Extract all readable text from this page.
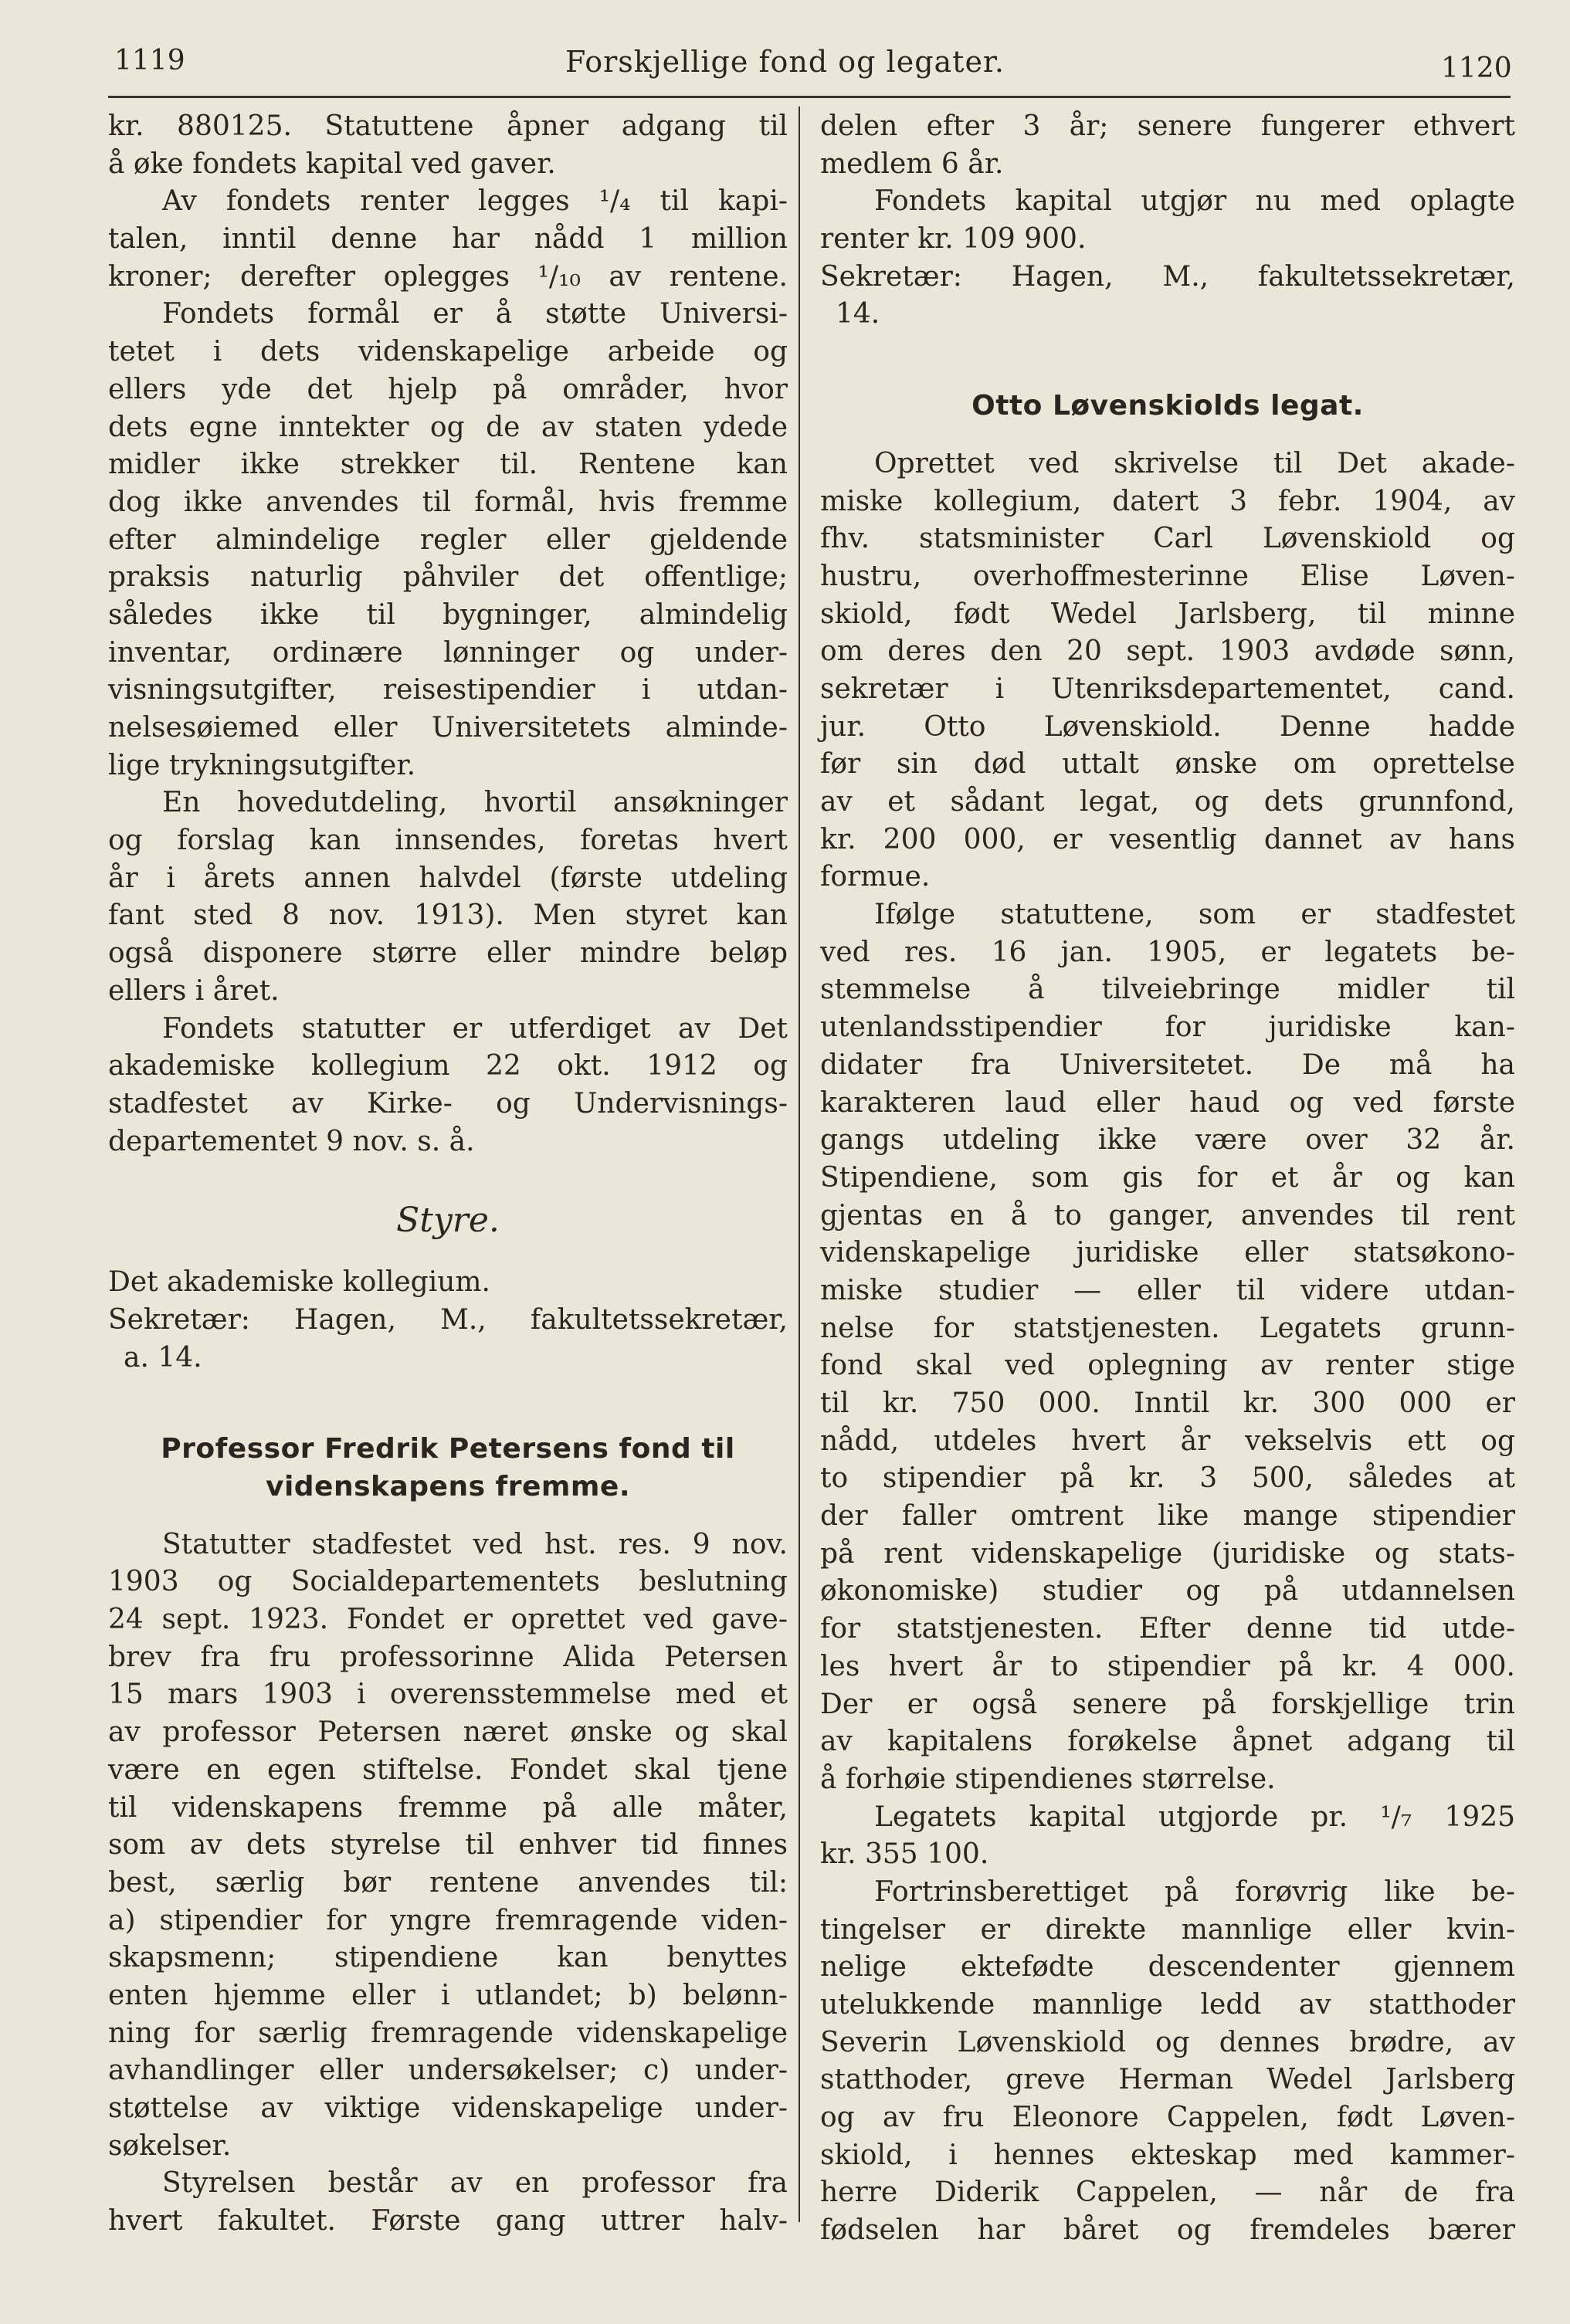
1119	Forskjellige fond og legater.	1120
kr. 880125. Statuttene åpner adgang til
å øke fondets kapital ved gaver.
Av fondets renter legges ¹/₄ til kapi-
talen, inntil denne har nådd 1 million
kroner; derefter oplegges ¹/₁₀ av rentene.
Fondets formål er å støtte Universi-
tetet i dets videnskapelige arbeide og
ellers yde det hjelp på områder, hvor
dets egne inntekter og de av staten ydede
midler ikke strekker til. Rentene kan
dog ikke anvendes til formål, hvis fremme
efter almindelige regler eller gjeldende
praksis naturlig påhviler det offentlige;
således ikke til bygninger, almindelig
inventar, ordinære lønninger og under-
visningsutgifter, reisestipendier i utdan-
nelsesøiemed eller Universitetets alminde-
lige trykningsutgifter.
En hovedutdeling, hvortil ansøkninger
og forslag kan innsendes, foretas hvert
år i årets annen halvdel (første utdeling
fant sted 8 nov. 1913). Men styret kan
også disponere større eller mindre beløp
ellers i året.
Fondets statutter er utferdiget av Det
akademiske kollegium 22 okt. 1912 og
stadfestet av Kirke- og Undervisnings-
departementet 9 nov. s. å.
Styre.
Det akademiske kollegium.
Sekretær: Hagen, M., fakultetssekretær,
a. 14.
Professor Fredrik Petersens fond til
videnskapens fremme.
Statutter stadfestet ved hst. res. 9 nov.
1903 og Socialdepartementets beslutning
24 sept. 1923. Fondet er oprettet ved gave-
brev fra fru professorinne Alida Petersen
15 mars 1903 i overensstemmelse med et
av professor Petersen næret ønske og skal
være en egen stiftelse. Fondet skal tjene
til videnskapens fremme på alle måter,
som av dets styrelse til enhver tid finnes
best, særlig bør rentene anvendes til:
a) stipendier for yngre fremragende viden-
skapsmenn; stipendiene kan benyttes
enten hjemme eller i utlandet; b) belønn-
ning for særlig fremragende videnskapelige
avhandlinger eller undersøkelser; c) under-
støttelse av viktige videnskapelige under-
søkelser.
Styrelsen består av en professor fra
hvert fakultet. Første gang uttrer halv-
delen efter 3 år; senere fungerer ethvert
medlem 6 år.
Fondets kapital utgjør nu med oplagte
renter kr. 109 900.
Sekretær: Hagen, M., fakultetssekretær,
14.
Otto Løvenskiolds legat.
Oprettet ved skrivelse til Det akade-
miske kollegium, datert 3 febr. 1904, av
fhv. statsminister Carl Løvenskiold og
hustru, overhoffmesterinne Elise Løven-
skiold, født Wedel Jarlsberg, til minne
om deres den 20 sept. 1903 avdøde sønn,
sekretær i Utenriksdepartementet, cand.
jur. Otto Løvenskiold. Denne hadde
før sin død uttalt ønske om oprettelse
av et sådant legat, og dets grunnfond,
kr. 200 000, er vesentlig dannet av hans
formue.
Ifølge statuttene, som er stadfestet
ved res. 16 jan. 1905, er legatets be-
stemmelse å tilveiebringe midler til
utenlandsstipendier for juridiske kan-
didater fra Universitetet. De må ha
karakteren laud eller haud og ved første
gangs utdeling ikke være over 32 år.
Stipendiene, som gis for et år og kan
gjentas en å to ganger, anvendes til rent
videnskapelige juridiske eller statsøkono-
miske studier — eller til videre utdan-
nelse for statstjenesten. Legatets grunn-
fond skal ved oplegning av renter stige
til kr. 750 000. Inntil kr. 300 000 er
nådd, utdeles hvert år vekselvis ett og
to stipendier på kr. 3 500, således at
der faller omtrent like mange stipendier
på rent videnskapelige (juridiske og stats-
økonomiske) studier og på utdannelsen
for statstjenesten. Efter denne tid utde-
les hvert år to stipendier på kr. 4 000.
Der er også senere på forskjellige trin
av kapitalens forøkelse åpnet adgang til
å forhøie stipendienes størrelse.
Legatets kapital utgjorde pr. ¹/₇ 1925
kr. 355 100.
Fortrinsberettiget på forøvrig like be-
tingelser er direkte mannlige eller kvin-
nelige ektefødte descendenter gjennem
utelukkende mannlige ledd av statthoder
Severin Løvenskiold og dennes brødre, av
statthoder, greve Herman Wedel Jarlsberg
og av fru Eleonore Cappelen, født Løven-
skiold, i hennes ekteskap med kammer-
herre Diderik Cappelen, — når de fra
fødselen har båret og fremdeles bærer
